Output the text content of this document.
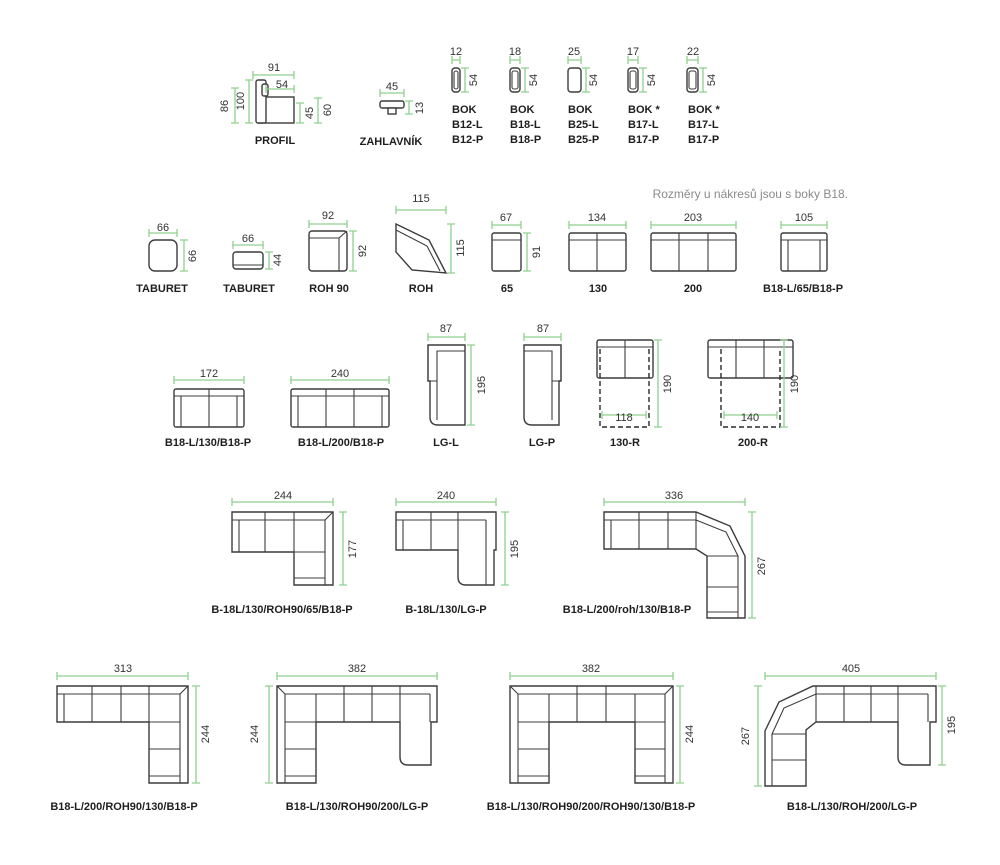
Rozměry u nákresů jsou s boky B18.
91
54
86 100
45 60
PROFIL
45
13
ZAHLAVNÍK
12
54
BOK
B12-L
B12-P
18
54
BOK
B18-L
B18-P
25
54
BOK
B25-L
B25-P
17
54
BOK *
B17-L
B17-P
22
54
BOK *
B17-L
B17-P
66
66
TABURET
66
44
TABURET
92
92
ROH 90
115
115
ROH
67
91
65
134
130
203
200
105
B18-L/65/B18-P
172
B18-L/130/B18-P
240
B18-L/200/B18-P
87
195
LG-L
87
LG-P
118
190
130-R
140
190
200-R
244
177
B-18L/130/ROH90/65/B18-P
240
195
B-18L/130/LG-P
336
267
B18-L/200/roh/130/B18-P
313
244
B18-L/200/ROH90/130/B18-P
382
244
B18-L/130/ROH90/200/LG-P
382
244
B18-L/130/ROH90/200/ROH90/130/B18-P
405
267
195
B18-L/130/ROH/200/LG-P
